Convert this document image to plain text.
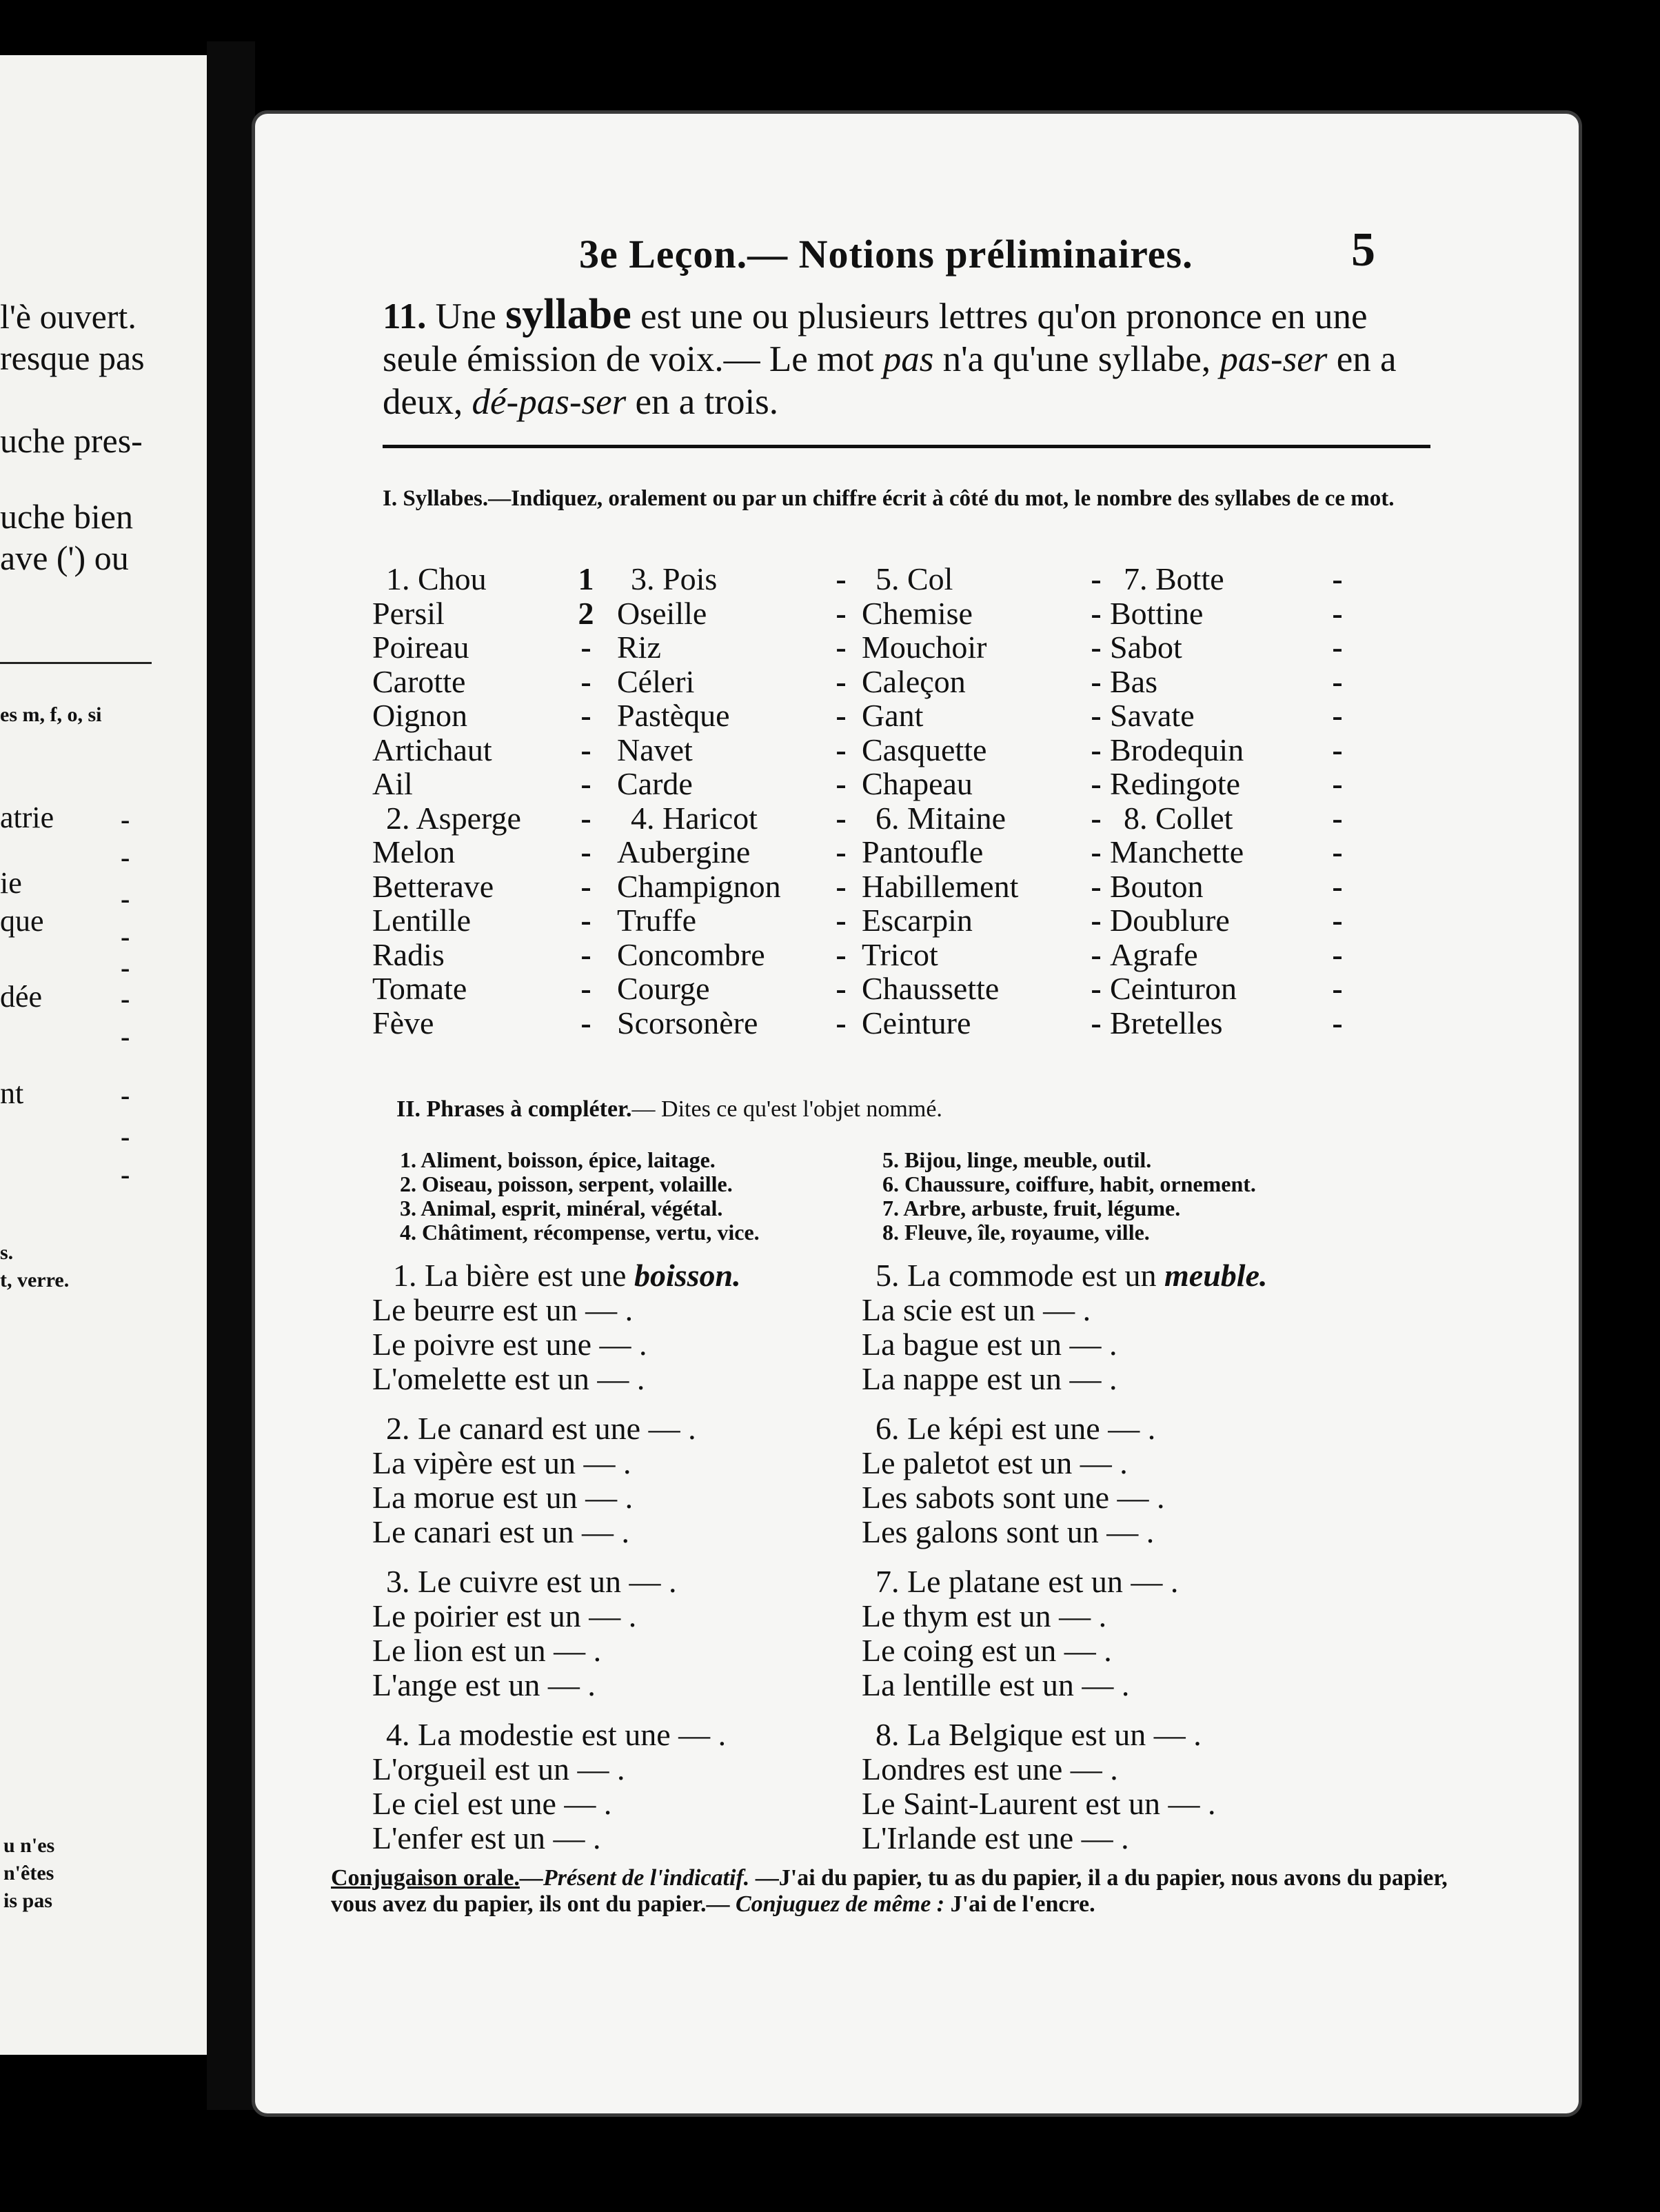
l'è ouvert.
resque pas
uche pres-
uche bien
ave (') ou
es m, f, o, si
atrie
ie
que
dée
nt
-
-
-
-
-
-
-
-
-
-
s.
t, verre.
u n'es
n'êtes
is pas
3e Leçon.— Notions préliminaires.	5
11. Une syllabe est une ou plusieurs lettres qu'on prononce en une seule émission de voix.— Le mot pas n'a qu'une syllabe, pas-ser en a deux, dé-pas-ser en a trois.
I. Syllabes.—Indiquez, oralement ou par un chiffre écrit à côté du mot, le nombre des syllabes de ce mot.
1. Chou
Persil
Poireau
Carotte
Oignon
Artichaut
Ail
2. Asperge
Melon
Betterave
Lentille
Radis
Tomate
Fève
1
2
-
-
-
-
-
-
-
-
-
-
-
-
3. Pois
Oseille
Riz
Céleri
Pastèque
Navet
Carde
4. Haricot
Aubergine
Champignon
Truffe
Concombre
Courge
Scorsonère
-
-
-
-
-
-
-
-
-
-
-
-
-
-
5. Col
Chemise
Mouchoir
Caleçon
Gant
Casquette
Chapeau
6. Mitaine
Pantoufle
Habillement
Escarpin
Tricot
Chaussette
Ceinture
-
-
-
-
-
-
-
-
-
-
-
-
-
-
7. Botte
Bottine
Sabot
Bas
Savate
Brodequin
Redingote
8. Collet
Manchette
Bouton
Doublure
Agrafe
Ceinturon
Bretelles
-
-
-
-
-
-
-
-
-
-
-
-
-
-
II. Phrases à compléter.— Dites ce qu'est l'objet nommé.
1. Aliment, boisson, épice, laitage.
2. Oiseau, poisson, serpent, volaille.
3. Animal, esprit, minéral, végétal.
4. Châtiment, récompense, vertu, vice.
5. Bijou, linge, meuble, outil.
6. Chaussure, coiffure, habit, ornement.
7. Arbre, arbuste, fruit, légume.
8. Fleuve, île, royaume, ville.
1. La bière est une boisson.
Le beurre est un — .
Le poivre est une — .
L'omelette est un — .
2. Le canard est une — .
La vipère est un — .
La morue est un — .
Le canari est un — .
3. Le cuivre est un — .
Le poirier est un — .
Le lion est un — .
L'ange est un — .
4. La modestie est une — .
L'orgueil est un — .
Le ciel est une — .
L'enfer est un — .
5. La commode est un meuble.
La scie est un — .
La bague est un — .
La nappe est un — .
6. Le képi est une — .
Le paletot est un — .
Les sabots sont une — .
Les galons sont un — .
7. Le platane est un — .
Le thym est un — .
Le coing est un — .
La lentille est un — .
8. La Belgique est un — .
Londres est une — .
Le Saint-Laurent est un — .
L'Irlande est une — .
Conjugaison orale.—Présent de l'indicatif. —J'ai du papier, tu as du papier, il a du papier, nous avons du papier, vous avez du papier, ils ont du papier.— Conjuguez de même : J'ai de l'encre.
